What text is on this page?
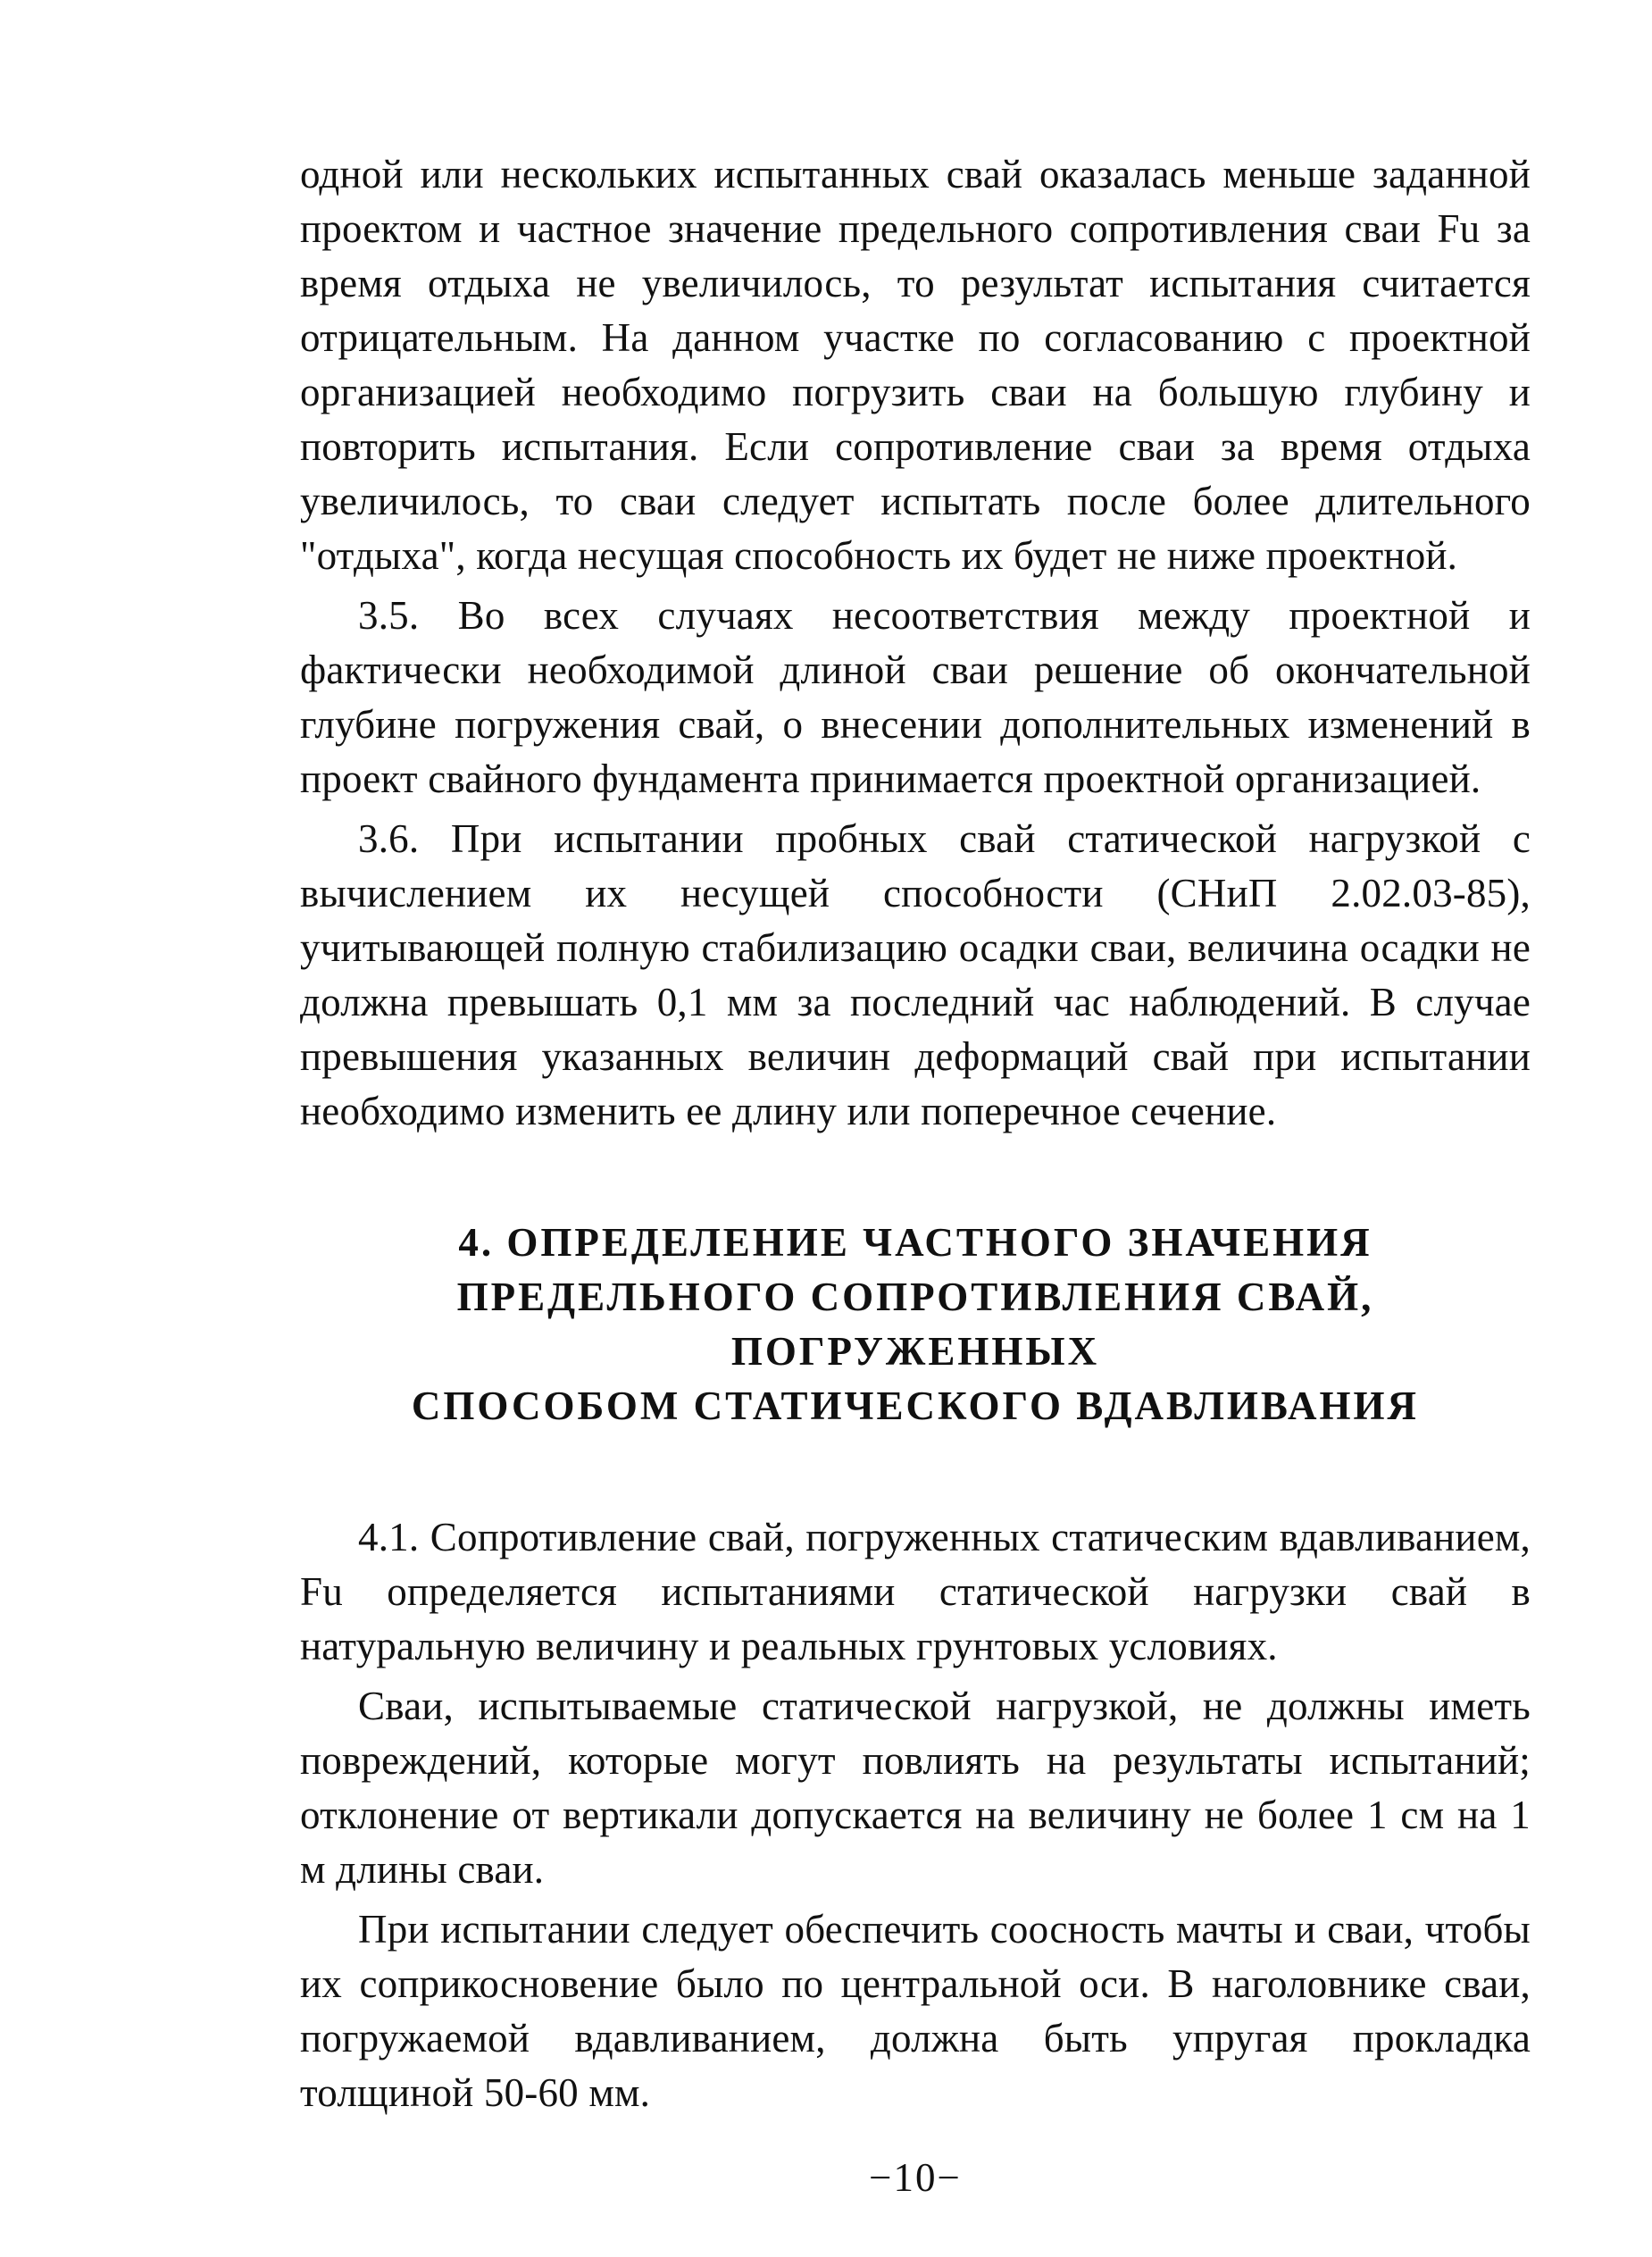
одной или нескольких испытанных свай оказалась меньше заданной проектом и частное значение предельного сопротивления сваи Fu за время отдыха не увеличилось, то результат испытания считается отрицательным. На данном участке по согласованию с проектной организацией необходимо погрузить сваи на большую глубину и повторить испытания. Если сопротивление сваи за время отдыха увеличилось, то сваи следует испытать после более длительного "отдыха", когда несущая способность их будет не ниже проектной.

3.5. Во всех случаях несоответствия между проектной и фактически необходимой длиной сваи решение об окончательной глубине погружения свай, о внесении дополнительных изменений в проект свайного фундамента принимается проектной организацией.

3.6. При испытании пробных свай статической нагрузкой с вычислением их несущей способности (СНиП 2.02.03-85), учитывающей полную стабилизацию осадки сваи, величина осадки не должна превышать 0,1 мм за последний час наблюдений. В случае превышения указанных величин деформаций свай при испытании необходимо изменить ее длину или поперечное сечение.

4. ОПРЕДЕЛЕНИЕ ЧАСТНОГО ЗНАЧЕНИЯ
ПРЕДЕЛЬНОГО СОПРОТИВЛЕНИЯ СВАЙ, ПОГРУЖЕННЫХ
СПОСОБОМ СТАТИЧЕСКОГО ВДАВЛИВАНИЯ

4.1. Сопротивление свай, погруженных статическим вдавливанием, Fu определяется испытаниями статической нагрузки свай в натуральную величину и реальных грунтовых условиях.

Сваи, испытываемые статической нагрузкой, не должны иметь повреждений, которые могут повлиять на результаты испытаний; отклонение от вертикали допускается на величину не более 1 см на 1 м длины сваи.

При испытании следует обеспечить соосность мачты и сваи, чтобы их соприкосновение было по центральной оси. В наголовнике сваи, погружаемой вдавливанием, должна быть упругая прокладка толщиной 50-60 мм.

−10−
